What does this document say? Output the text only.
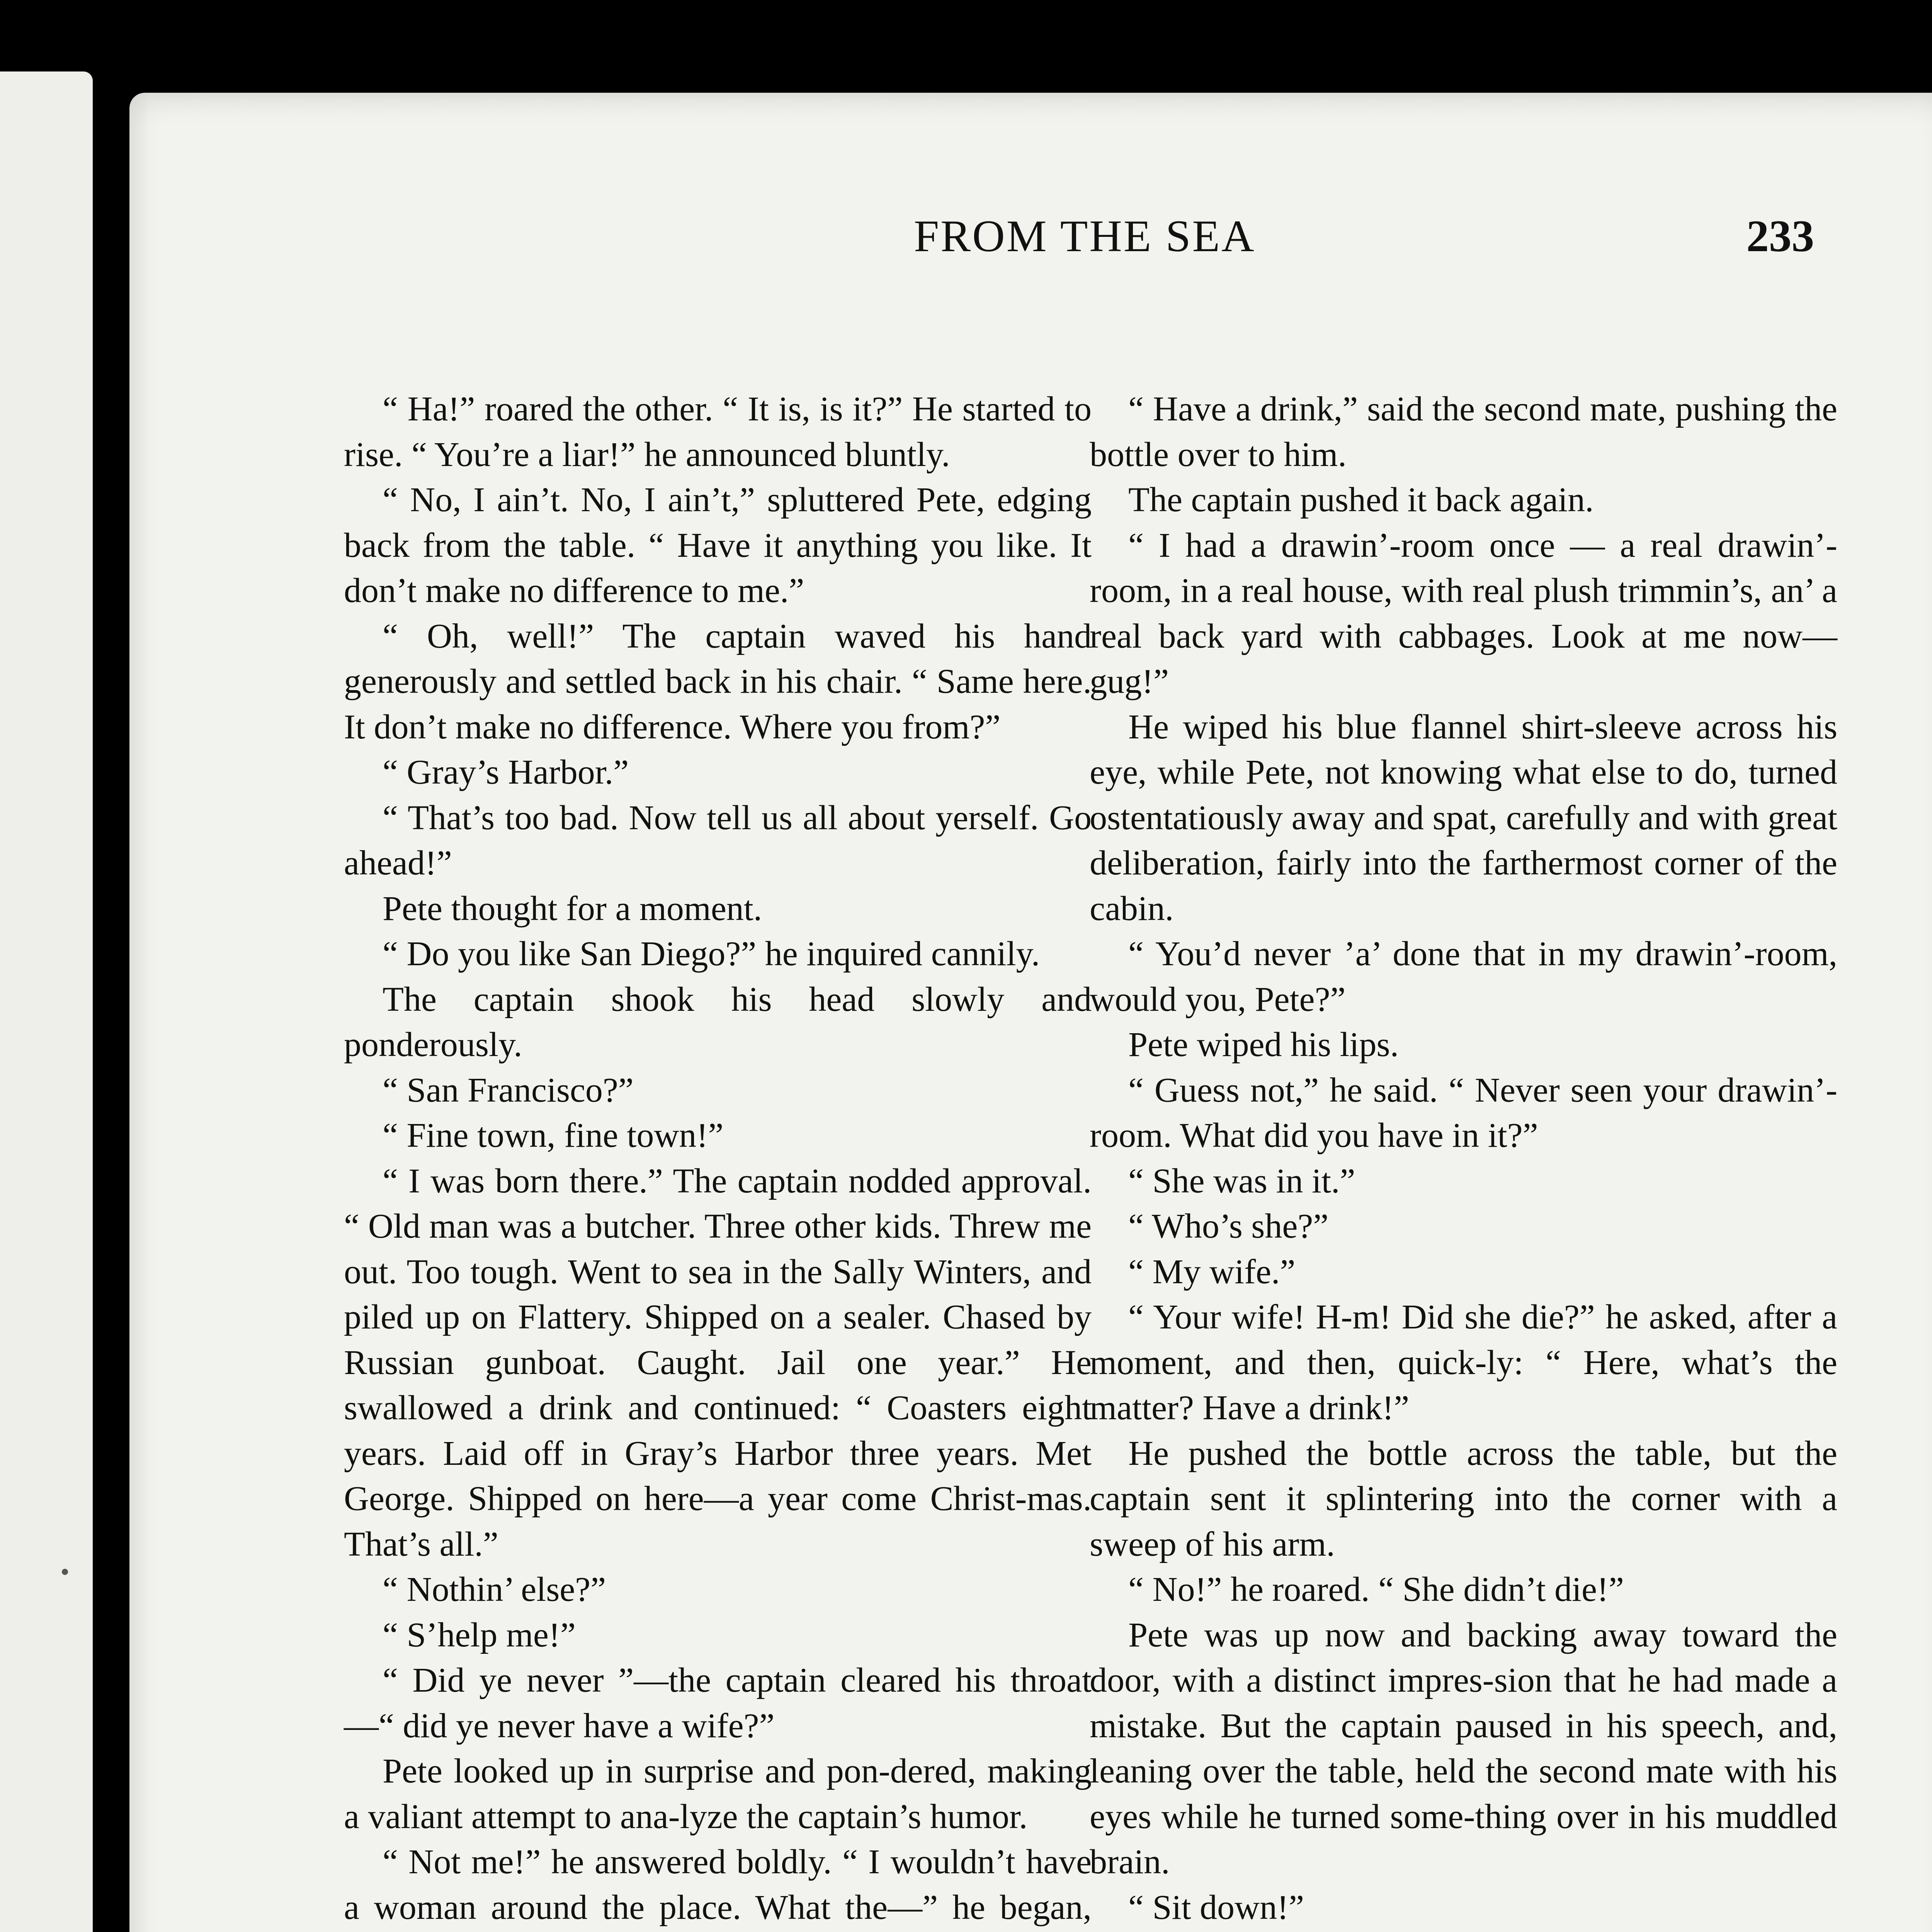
FROM THE SEA	233

“ Ha!” roared the other. “ It is, is it?” He started to rise. “ You’re a liar!” he announced bluntly.

“ No, I ain’t. No, I ain’t,” spluttered Pete, edging back from the table. “ Have it anything you like. It don’t make no difference to me.”

“ Oh, well!” The captain waved his hand generously and settled back in his chair. “ Same here. It don’t make no difference. Where you from?”

“ Gray’s Harbor.”

“ That’s too bad. Now tell us all about yerself. Go ahead!”

Pete thought for a moment.

“ Do you like San Diego?” he inquired cannily.

The captain shook his head slowly and ponderously.

“ San Francisco?”

“ Fine town, fine town!”

“ I was born there.” The captain nodded approval. “ Old man was a butcher. Three other kids. Threw me out. Too tough. Went to sea in the Sally Winters, and piled up on Flattery. Shipped on a sealer. Chased by Russian gunboat. Caught. Jail one year.” He swallowed a drink and continued: “ Coasters eight years. Laid off in Gray’s Harbor three years. Met George. Shipped on here—a year come Christ-mas. That’s all.”

“ Nothin’ else?”

“ S’help me!”

“ Did ye never ”—the captain cleared his throat—“ did ye never have a wife?”

Pete looked up in surprise and pon-dered, making a valiant attempt to ana-lyze the captain’s humor.

“ Not me!” he answered boldly. “ I wouldn’t have a woman around the place. What the—” he began,

“ Have a drink,” said the second mate, pushing the bottle over to him.

The captain pushed it back again.

“ I had a drawin’-room once — a real drawin’-room, in a real house, with real plush trimmin’s, an’ a real back yard with cabbages. Look at me now—gug!”

He wiped his blue flannel shirt-sleeve across his eye, while Pete, not knowing what else to do, turned ostentatiously away and spat, carefully and with great deliberation, fairly into the farthermost corner of the cabin.

“ You’d never ’a’ done that in my drawin’-room, would you, Pete?”

Pete wiped his lips.

“ Guess not,” he said. “ Never seen your drawin’-room. What did you have in it?”

“ She was in it.”

“ Who’s she?”

“ My wife.”

“ Your wife! H-m! Did she die?” he asked, after a moment, and then, quick-ly: “ Here, what’s the matter? Have a drink!”

He pushed the bottle across the table, but the captain sent it splintering into the corner with a sweep of his arm.

“ No!” he roared. “ She didn’t die!”

Pete was up now and backing away toward the door, with a distinct impres-sion that he had made a mistake. But the captain paused in his speech, and, leaning over the table, held the second mate with his eyes while he turned some-thing over in his muddled brain.

“ Sit down!”
